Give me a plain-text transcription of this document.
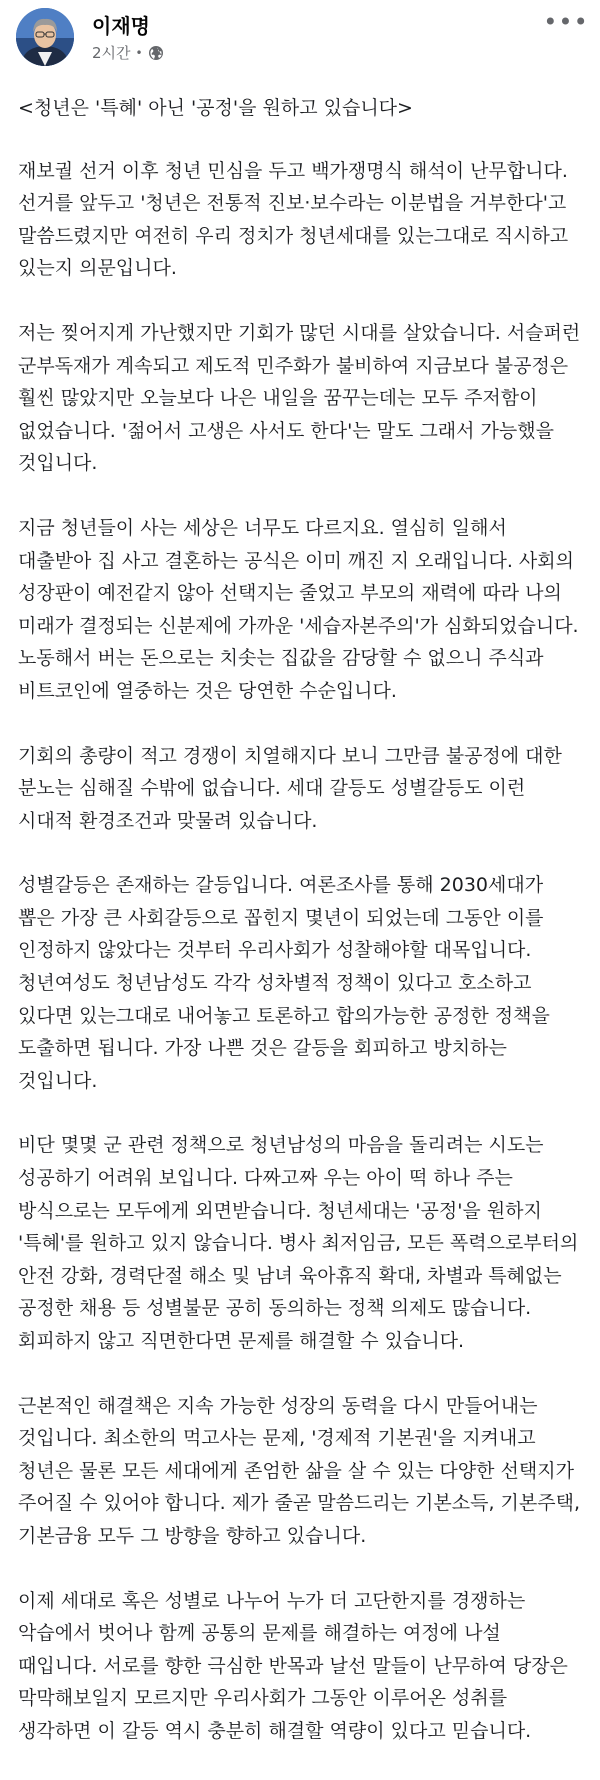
이재명
2시간 •
•••

<청년은 '특혜' 아닌 '공정'을 원하고 있습니다>

재보궐 선거 이후 청년 민심을 두고 백가쟁명식 해석이 난무합니다. 선거를 앞두고 '청년은 전통적 진보·보수라는 이분법을 거부한다'고 말씀드렸지만 여전히 우리 정치가 청년세대를 있는그대로 직시하고 있는지 의문입니다.

저는 찢어지게 가난했지만 기회가 많던 시대를 살았습니다. 서슬퍼런 군부독재가 계속되고 제도적 민주화가 불비하여 지금보다 불공정은 훨씬 많았지만 오늘보다 나은 내일을 꿈꾸는데는 모두 주저함이 없었습니다. '젊어서 고생은 사서도 한다'는 말도 그래서 가능했을 것입니다.

지금 청년들이 사는 세상은 너무도 다르지요. 열심히 일해서 대출받아 집 사고 결혼하는 공식은 이미 깨진 지 오래입니다. 사회의 성장판이 예전같지 않아 선택지는 줄었고 부모의 재력에 따라 나의 미래가 결정되는 신분제에 가까운 '세습자본주의'가 심화되었습니다. 노동해서 버는 돈으로는 치솟는 집값을 감당할 수 없으니 주식과 비트코인에 열중하는 것은 당연한 수순입니다.

기회의 총량이 적고 경쟁이 치열해지다 보니 그만큼 불공정에 대한 분노는 심해질 수밖에 없습니다. 세대 갈등도 성별갈등도 이런 시대적 환경조건과 맞물려 있습니다.

성별갈등은 존재하는 갈등입니다. 여론조사를 통해 2030세대가 뽑은 가장 큰 사회갈등으로 꼽힌지 몇년이 되었는데 그동안 이를 인정하지 않았다는 것부터 우리사회가 성찰해야할 대목입니다. 청년여성도 청년남성도 각각 성차별적 정책이 있다고 호소하고 있다면 있는그대로 내어놓고 토론하고 합의가능한 공정한 정책을 도출하면 됩니다. 가장 나쁜 것은 갈등을 회피하고 방치하는 것입니다.

비단 몇몇 군 관련 정책으로 청년남성의 마음을 돌리려는 시도는 성공하기 어려워 보입니다. 다짜고짜 우는 아이 떡 하나 주는 방식으로는 모두에게 외면받습니다. 청년세대는 '공정'을 원하지 '특혜'를 원하고 있지 않습니다. 병사 최저임금, 모든 폭력으로부터의 안전 강화, 경력단절 해소 및 남녀 육아휴직 확대, 차별과 특혜없는 공정한 채용 등 성별불문 공히 동의하는 정책 의제도 많습니다. 회피하지 않고 직면한다면 문제를 해결할 수 있습니다.

근본적인 해결책은 지속 가능한 성장의 동력을 다시 만들어내는 것입니다. 최소한의 먹고사는 문제, '경제적 기본권'을 지켜내고 청년은 물론 모든 세대에게 존엄한 삶을 살 수 있는 다양한 선택지가 주어질 수 있어야 합니다. 제가 줄곧 말씀드리는 기본소득, 기본주택, 기본금융 모두 그 방향을 향하고 있습니다.

이제 세대로 혹은 성별로 나누어 누가 더 고단한지를 경쟁하는 악습에서 벗어나 함께 공통의 문제를 해결하는 여정에 나설 때입니다. 서로를 향한 극심한 반목과 날선 말들이 난무하여 당장은 막막해보일지 모르지만 우리사회가 그동안 이루어온 성취를 생각하면 이 갈등 역시 충분히 해결할 역량이 있다고 믿습니다.
